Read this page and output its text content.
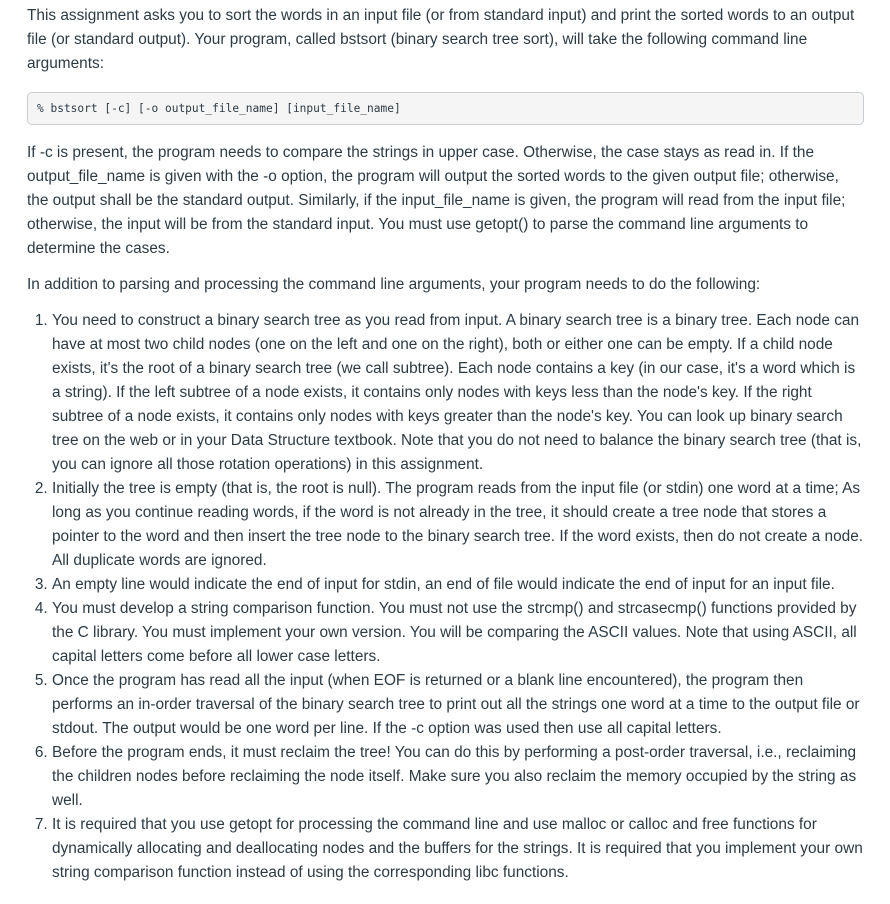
This assignment asks you to sort the words in an input file (or from standard input) and print the sorted words to an output file (or standard output). Your program, called bstsort (binary search tree sort), will take the following command line arguments:

% bstsort [-c] [-o output_file_name] [input_file_name]

If -c is present, the program needs to compare the strings in upper case. Otherwise, the case stays as read in. If the output_file_name is given with the -o option, the program will output the sorted words to the given output file; otherwise, the output shall be the standard output. Similarly, if the input_file_name is given, the program will read from the input file; otherwise, the input will be from the standard input. You must use getopt() to parse the command line arguments to determine the cases.

In addition to parsing and processing the command line arguments, your program needs to do the following:

1. You need to construct a binary search tree as you read from input. A binary search tree is a binary tree. Each node can have at most two child nodes (one on the left and one on the right), both or either one can be empty. If a child node exists, it's the root of a binary search tree (we call subtree). Each node contains a key (in our case, it's a word which is a string). If the left subtree of a node exists, it contains only nodes with keys less than the node's key. If the right subtree of a node exists, it contains only nodes with keys greater than the node's key. You can look up binary search tree on the web or in your Data Structure textbook. Note that you do not need to balance the binary search tree (that is, you can ignore all those rotation operations) in this assignment.
2. Initially the tree is empty (that is, the root is null). The program reads from the input file (or stdin) one word at a time; As long as you continue reading words, if the word is not already in the tree, it should create a tree node that stores a pointer to the word and then insert the tree node to the binary search tree. If the word exists, then do not create a node. All duplicate words are ignored.
3. An empty line would indicate the end of input for stdin, an end of file would indicate the end of input for an input file.
4. You must develop a string comparison function. You must not use the strcmp() and strcasecmp() functions provided by the C library. You must implement your own version. You will be comparing the ASCII values. Note that using ASCII, all capital letters come before all lower case letters.
5. Once the program has read all the input (when EOF is returned or a blank line encountered), the program then performs an in-order traversal of the binary search tree to print out all the strings one word at a time to the output file or stdout. The output would be one word per line. If the -c option was used then use all capital letters.
6. Before the program ends, it must reclaim the tree! You can do this by performing a post-order traversal, i.e., reclaiming the children nodes before reclaiming the node itself. Make sure you also reclaim the memory occupied by the string as well.
7. It is required that you use getopt for processing the command line and use malloc or calloc and free functions for dynamically allocating and deallocating nodes and the buffers for the strings. It is required that you implement your own string comparison function instead of using the corresponding libc functions.
